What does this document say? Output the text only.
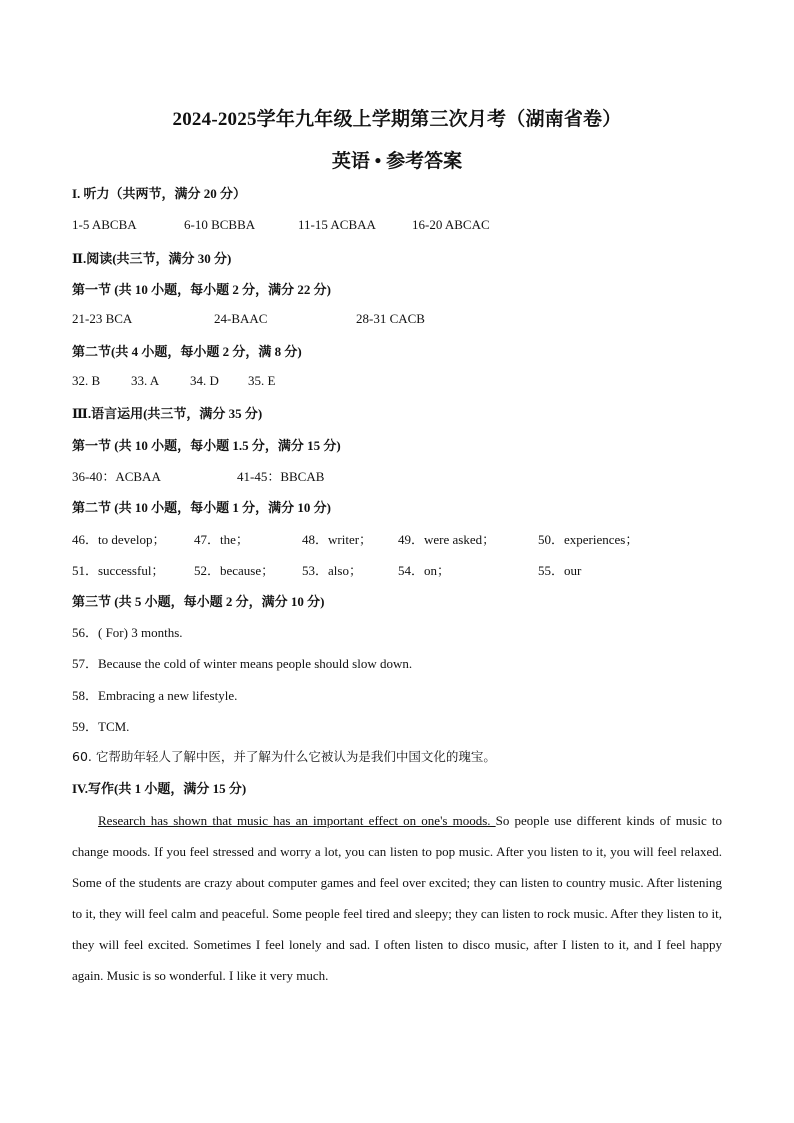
2024-2025学年九年级上学期第三次月考（湖南省卷）
英语 • 参考答案
I. 听力（共两节，满分 20 分）
1-5 ABCBA	6-10 BCBBA	11-15 ACBAA	16-20 ABCAC
Ⅱ.阅读(共三节，满分 30 分)
第一节 (共 10 小题，每小题 2 分，满分 22 分)
21-23 BCA	24-BAAC	28-31 CACB
第二节(共 4 小题，每小题 2 分，满 8 分)
32. B 33. A 34. D 35. E
Ⅲ.语言运用(共三节，满分 35 分)
第一节 (共 10 小题，每小题 1.5 分，满分 15 分)
36-40：ACBAA	41-45：BBCAB
第二节 (共 10 小题，每小题 1 分，满分 10 分)
46．to develop； 47．the；	48．writer； 49．were asked；	50．experiences；
51．successful； 52．because； 53．also；	54．on；	55．our
第三节 (共 5 小题，每小题 2 分，满分 10 分)
56．( For) 3 months.
57．Because the cold of winter means people should slow down.
58．Embracing a new lifestyle.
59．TCM.
60. 它帮助年轻人了解中医，并了解为什么它被认为是我们中国文化的瑰宝。
IV.写作(共 1 小题，满分 15 分)
Research has shown that music has an important effect on one's moods. So people use different kinds of music to change moods. If you feel stressed and worry a lot, you can listen to pop music. After you listen to it, you will feel relaxed. Some of the students are crazy about computer games and feel over excited; they can listen to country music. After listening to it, they will feel calm and peaceful. Some people feel tired and sleepy; they can listen to rock music. After they listen to it, they will feel excited. Sometimes I feel lonely and sad. I often listen to disco music, after I listen to it, and I feel happy again. Music is so wonderful. I like it very much.
